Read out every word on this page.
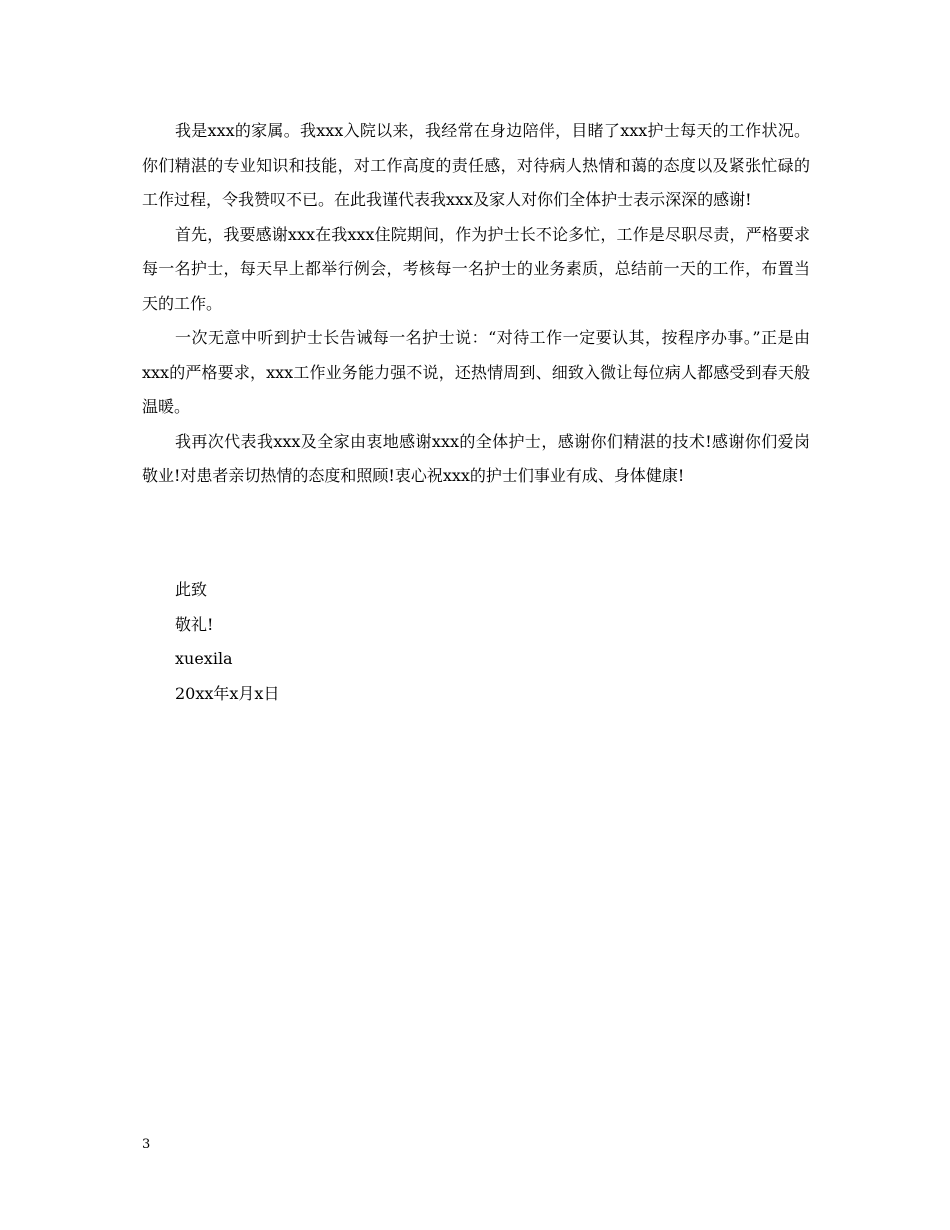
我是xxx的家属。我xxx入院以来，我经常在身边陪伴，目睹了xxx护士每天的工作状况。你们精湛的专业知识和技能，对工作高度的责任感，对待病人热情和蔼的态度以及紧张忙碌的工作过程，令我赞叹不已。在此我谨代表我xxx及家人对你们全体护士表示深深的感谢!

首先，我要感谢xxx在我xxx住院期间，作为护士长不论多忙，工作是尽职尽责，严格要求每一名护士，每天早上都举行例会，考核每一名护士的业务素质，总结前一天的工作，布置当天的工作。

一次无意中听到护士长告诫每一名护士说：“对待工作一定要认其，按程序办事。”正是由xxx的严格要求，xxx工作业务能力强不说，还热情周到、细致入微让每位病人都感受到春天般温暖。

我再次代表我xxx及全家由衷地感谢xxx的全体护士，感谢你们精湛的技术!感谢你们爱岗敬业!对患者亲切热情的态度和照顾!衷心祝xxx的护士们事业有成、身体健康!

此致

敬礼!

xuexila

20xx年x月x日

3
